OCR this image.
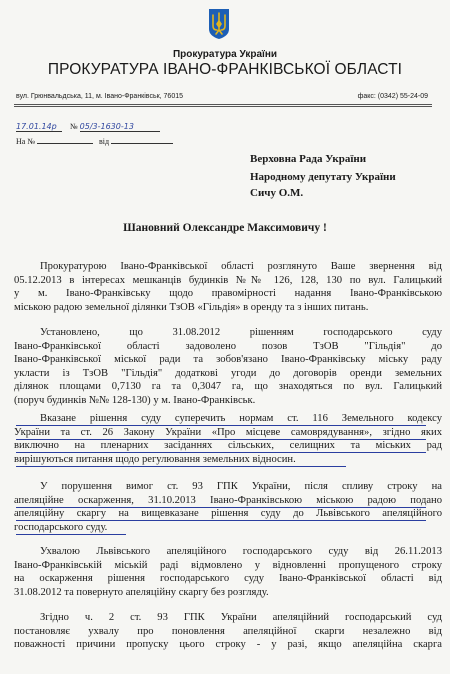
Прокуратура України
ПРОКУРАТУРА ІВАНО-ФРАНКІВСЬКОЇ ОБЛАСТІ
вул. Грюнвальдська, 11, м. Івано-Франківськ, 76015	факс: (0342) 55-24-09
17.01.14р № 05/3-1630-13
На №	від
Верховна Рада України
Народному депутату України
Сичу О.М.
Шановний Олександре Максимовичу !
Прокуратурою Івано-Франківської області розглянуто Ваше звернення від
05.12.2013 в інтересах мешканців будинків №№ 126, 128, 130 по вул. Галицький
у м. Івано-Франківську щодо правомірності надання Івано-Франківською
міською радою земельної ділянки ТзОВ «Гільдія» в оренду та з інших питань.
Установлено, що 31.08.2012 рішенням господарського суду
Івано-Франківської області задоволено позов ТзОВ "Гільдія" до
Івано-Франківської міської ради та зобов'язано Івано-Франківську міську раду
укласти із ТзОВ "Гільдія" додаткові угоди до договорів оренди земельних
ділянок площами 0,7130 га та 0,3047 га, що знаходяться по вул. Галицький
(поруч будинків №№ 128-130) у м. Івано-Франківськ.
Вказане рішення суду суперечить нормам ст. 116 Земельного кодексу
України та ст. 26 Закону України «Про місцеве самоврядування», згідно яких
виключно на пленарних засіданнях сільських, селищних та міських рад
вирішуються питання щодо регулювання земельних відносин.
У порушення вимог ст. 93 ГПК України, після спливу строку на
апеляційне оскарження, 31.10.2013 Івано-Франківською міською радою подано
апеляційну скаргу на вищевказане рішення суду до Львівського апеляційного
господарського суду.
Ухвалою Львівського апеляційного господарського суду від 26.11.2013
Івано-Франківській міській раді відмовлено у відновленні пропущеного строку
на оскарження рішення господарського суду Івано-Франківської області від
31.08.2012 та повернуто апеляційну скаргу без розгляду.
Згідно ч. 2 ст. 93 ГПК України апеляційний господарський суд
постановляє ухвалу про поновлення апеляційної скарги незалежно від
поважності причини пропуску цього строку - у разі, якщо апеляційна скарга
